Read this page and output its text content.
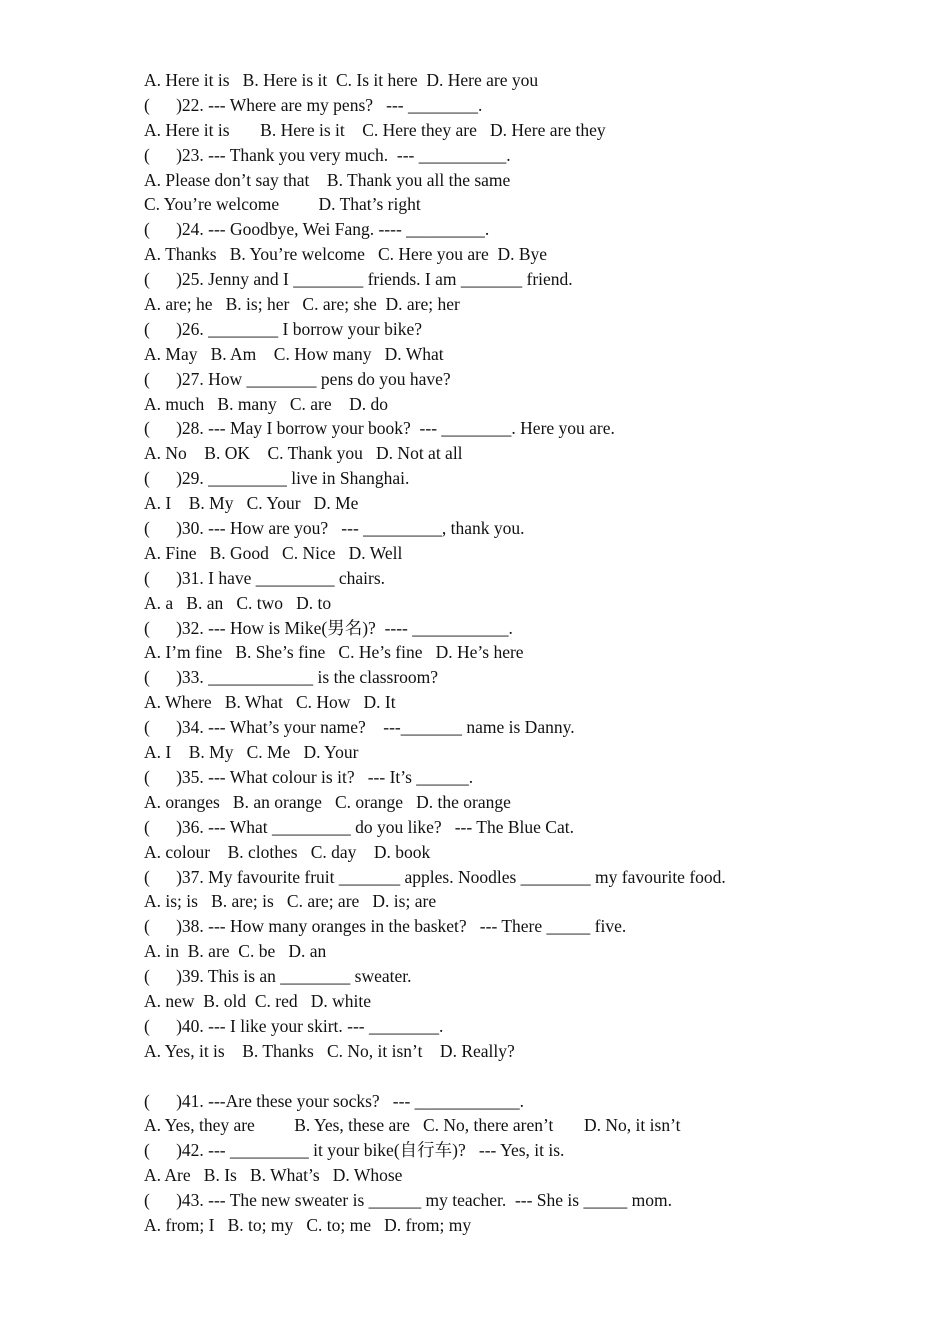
A. Here it is   B. Here is it  C. Is it here  D. Here are you
(      )22. --- Where are my pens?   --- ________.
A. Here it is       B. Here is it    C. Here they are   D. Here are they
(      )23. --- Thank you very much.  --- __________.
A. Please don’t say that    B. Thank you all the same
C. You’re welcome         D. That’s right
(      )24. --- Goodbye, Wei Fang. ---- _________.
A. Thanks   B. You’re welcome   C. Here you are  D. Bye
(      )25. Jenny and I ________ friends. I am _______ friend.
A. are; he   B. is; her   C. are; she  D. are; her
(      )26. ________ I borrow your bike?
A. May   B. Am    C. How many   D. What
(      )27. How ________ pens do you have?
A. much   B. many   C. are    D. do
(      )28. --- May I borrow your book?  --- ________. Here you are.
A. No    B. OK    C. Thank you   D. Not at all
(      )29. _________ live in Shanghai.
A. I    B. My   C. Your   D. Me
(      )30. --- How are you?   --- _________, thank you.
A. Fine   B. Good   C. Nice   D. Well
(      )31. I have _________ chairs.
A. a   B. an   C. two   D. to
(      )32. --- How is Mike(男名)?  ---- ___________.
A. I’m fine   B. She’s fine   C. He’s fine   D. He’s here
(      )33. ____________ is the classroom?
A. Where   B. What   C. How   D. It
(      )34. --- What’s your name?    ---_______ name is Danny.
A. I    B. My   C. Me   D. Your
(      )35. --- What colour is it?   --- It’s ______.
A. oranges   B. an orange   C. orange   D. the orange
(      )36. --- What _________ do you like?   --- The Blue Cat.
A. colour    B. clothes   C. day    D. book
(      )37. My favourite fruit _______ apples. Noodles ________ my favourite food.
A. is; is   B. are; is   C. are; are   D. is; are
(      )38. --- How many oranges in the basket?   --- There _____ five.
A. in  B. are  C. be   D. an
(      )39. This is an ________ sweater.
A. new  B. old  C. red   D. white
(      )40. --- I like your skirt. --- ________.
A. Yes, it is    B. Thanks   C. No, it isn’t    D. Really?
(      )41. ---Are these your socks?   --- ____________.
A. Yes, they are         B. Yes, these are   C. No, there aren’t       D. No, it isn’t
(      )42. --- _________ it your bike(自行车)?   --- Yes, it is.
A. Are   B. Is   B. What’s   D. Whose
(      )43. --- The new sweater is ______ my teacher.  --- She is _____ mom.
A. from; I   B. to; my   C. to; me   D. from; my
